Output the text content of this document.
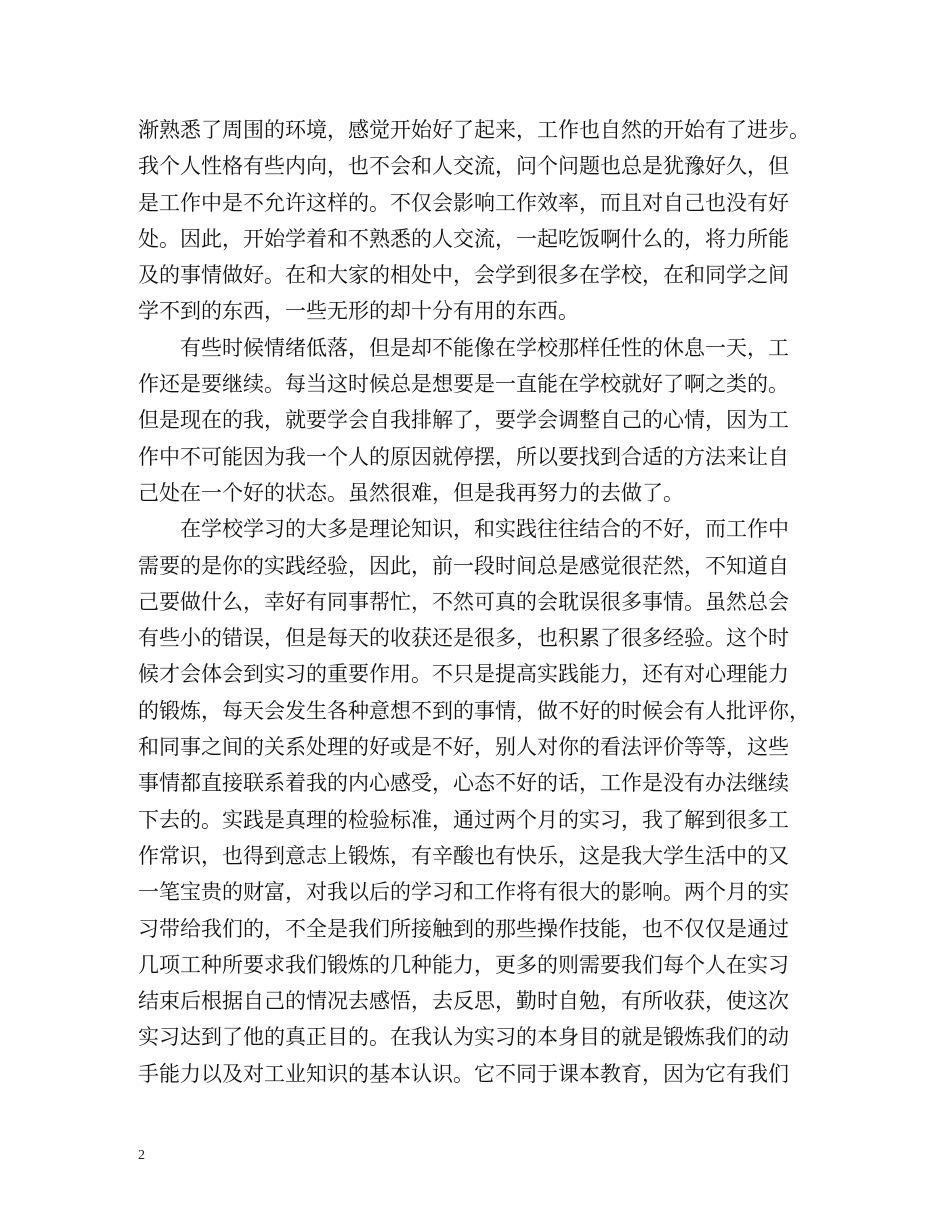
渐熟悉了周围的环境，感觉开始好了起来，工作也自然的开始有了进步。
我个人性格有些内向，也不会和人交流，问个问题也总是犹豫好久，但
是工作中是不允许这样的。不仅会影响工作效率，而且对自己也没有好
处。因此，开始学着和不熟悉的人交流，一起吃饭啊什么的，将力所能
及的事情做好。在和大家的相处中，会学到很多在学校，在和同学之间
学不到的东西，一些无形的却十分有用的东西。
有些时候情绪低落，但是却不能像在学校那样任性的休息一天，工
作还是要继续。每当这时候总是想要是一直能在学校就好了啊之类的。
但是现在的我，就要学会自我排解了，要学会调整自己的心情，因为工
作中不可能因为我一个人的原因就停摆，所以要找到合适的方法来让自
己处在一个好的状态。虽然很难，但是我再努力的去做了。
在学校学习的大多是理论知识，和实践往往结合的不好，而工作中
需要的是你的实践经验，因此，前一段时间总是感觉很茫然，不知道自
己要做什么，幸好有同事帮忙，不然可真的会耽误很多事情。虽然总会
有些小的错误，但是每天的收获还是很多，也积累了很多经验。这个时
候才会体会到实习的重要作用。不只是提高实践能力，还有对心理能力
的锻炼，每天会发生各种意想不到的事情，做不好的时候会有人批评你，
和同事之间的关系处理的好或是不好，别人对你的看法评价等等，这些
事情都直接联系着我的内心感受，心态不好的话，工作是没有办法继续
下去的。实践是真理的检验标准，通过两个月的实习，我了解到很多工
作常识，也得到意志上锻炼，有辛酸也有快乐，这是我大学生活中的又
一笔宝贵的财富，对我以后的学习和工作将有很大的影响。两个月的实
习带给我们的，不全是我们所接触到的那些操作技能，也不仅仅是通过
几项工种所要求我们锻炼的几种能力，更多的则需要我们每个人在实习
结束后根据自己的情况去感悟，去反思，勤时自勉，有所收获，使这次
实习达到了他的真正目的。在我认为实习的本身目的就是锻炼我们的动
手能力以及对工业知识的基本认识。它不同于课本教育，因为它有我们
2
